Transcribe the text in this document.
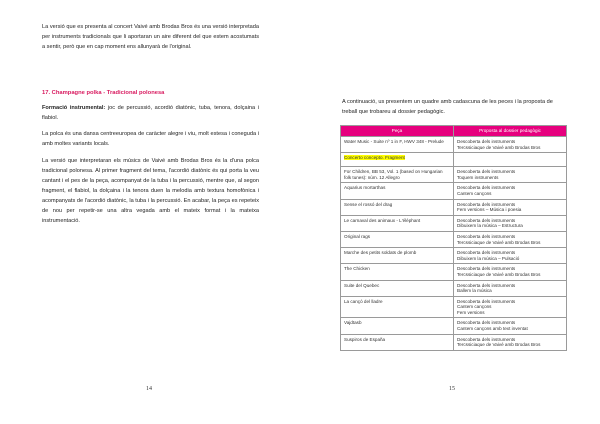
La versió que es presenta al concert Vaivé amb Brodas Bros és una versió interpretada per instruments tradicionals que li aportaran un aire diferent del que estem acostumats a sentir, però que en cap moment ens allunyarà de l'original.

17. Champagne polka - Tradicional polonesa

Formació instrumental: joc de percussió, acordió diatònic, tuba, tenora, dolçaina i flabiol.

La polca és una dansa centreeuropea de caràcter alegre i viu, molt estesa i coneguda i amb moltes variants locals.

La versió que interpretaran els músics de Vaivé amb Brodas Bros és la d'una polca tradicional polonesa. Al primer fragment del tema, l'acordió diatònic és qui porta la veu cantant i el pes de la peça, acompanyat de la tuba i la percussió, mentre que, al segon fragment, el flabiol, la dolçaina i la tenora duen la melodia amb textura homofònica i acompanyats de l'acordió diatònic, la tuba i la percussió. En acabar, la peça es repeteix de nou per repetir-se una altra vegada amb el mateix format i la mateixa instrumentació.

14

A continuació, us presentem un quadre amb cadascuna de les peces i la proposta de treball que trobareu al dossier pedagògic.

Peça	Proposta al dossier pedagògic
Water Music - Suite nº 1 in F, HWV 348 - Prelude	Descoberta dels instruments
Tercssiciaque de Vaivé amb Brodas Bros

Concerto concepto. Fragment	
For Children, BB 53, Vol. 1 (based on Hungarian folk tunes): núm. 12 Allegro	Descoberta dels instruments
Toquem instruments

Aquarius mortarthas	Descoberta dels instruments
Cantem cançons

Sense el rossó del drag	Descoberta dels instruments
Fem versions – Música i poesia

Le carnaval des animaux - L'éléphant	Descoberta dels instruments
Dibuixem la música – Estructura

Original rags	Descoberta dels instruments
Tercssiciaque de Vaivé amb Brodas Bros

Marche des petits soldats de plomb	Descoberta dels instruments
Dibuixem la música – Pulsació

The Chicken	Descoberta dels instruments
Tercssiciaque de Vaivé amb Brodas Bros

Suite del Quebec	Descoberta dels instruments
Ballem la música

La cançó del lladre	Descoberta dels instruments
Cantem cançons
Fem versions

Vajdtasb	Descoberta dels instruments
Cantem cançons amb text inventat

Suspiros de España	Descoberta dels instruments
Tercssiciaque de Vaivé amb Brodas Bros
15
